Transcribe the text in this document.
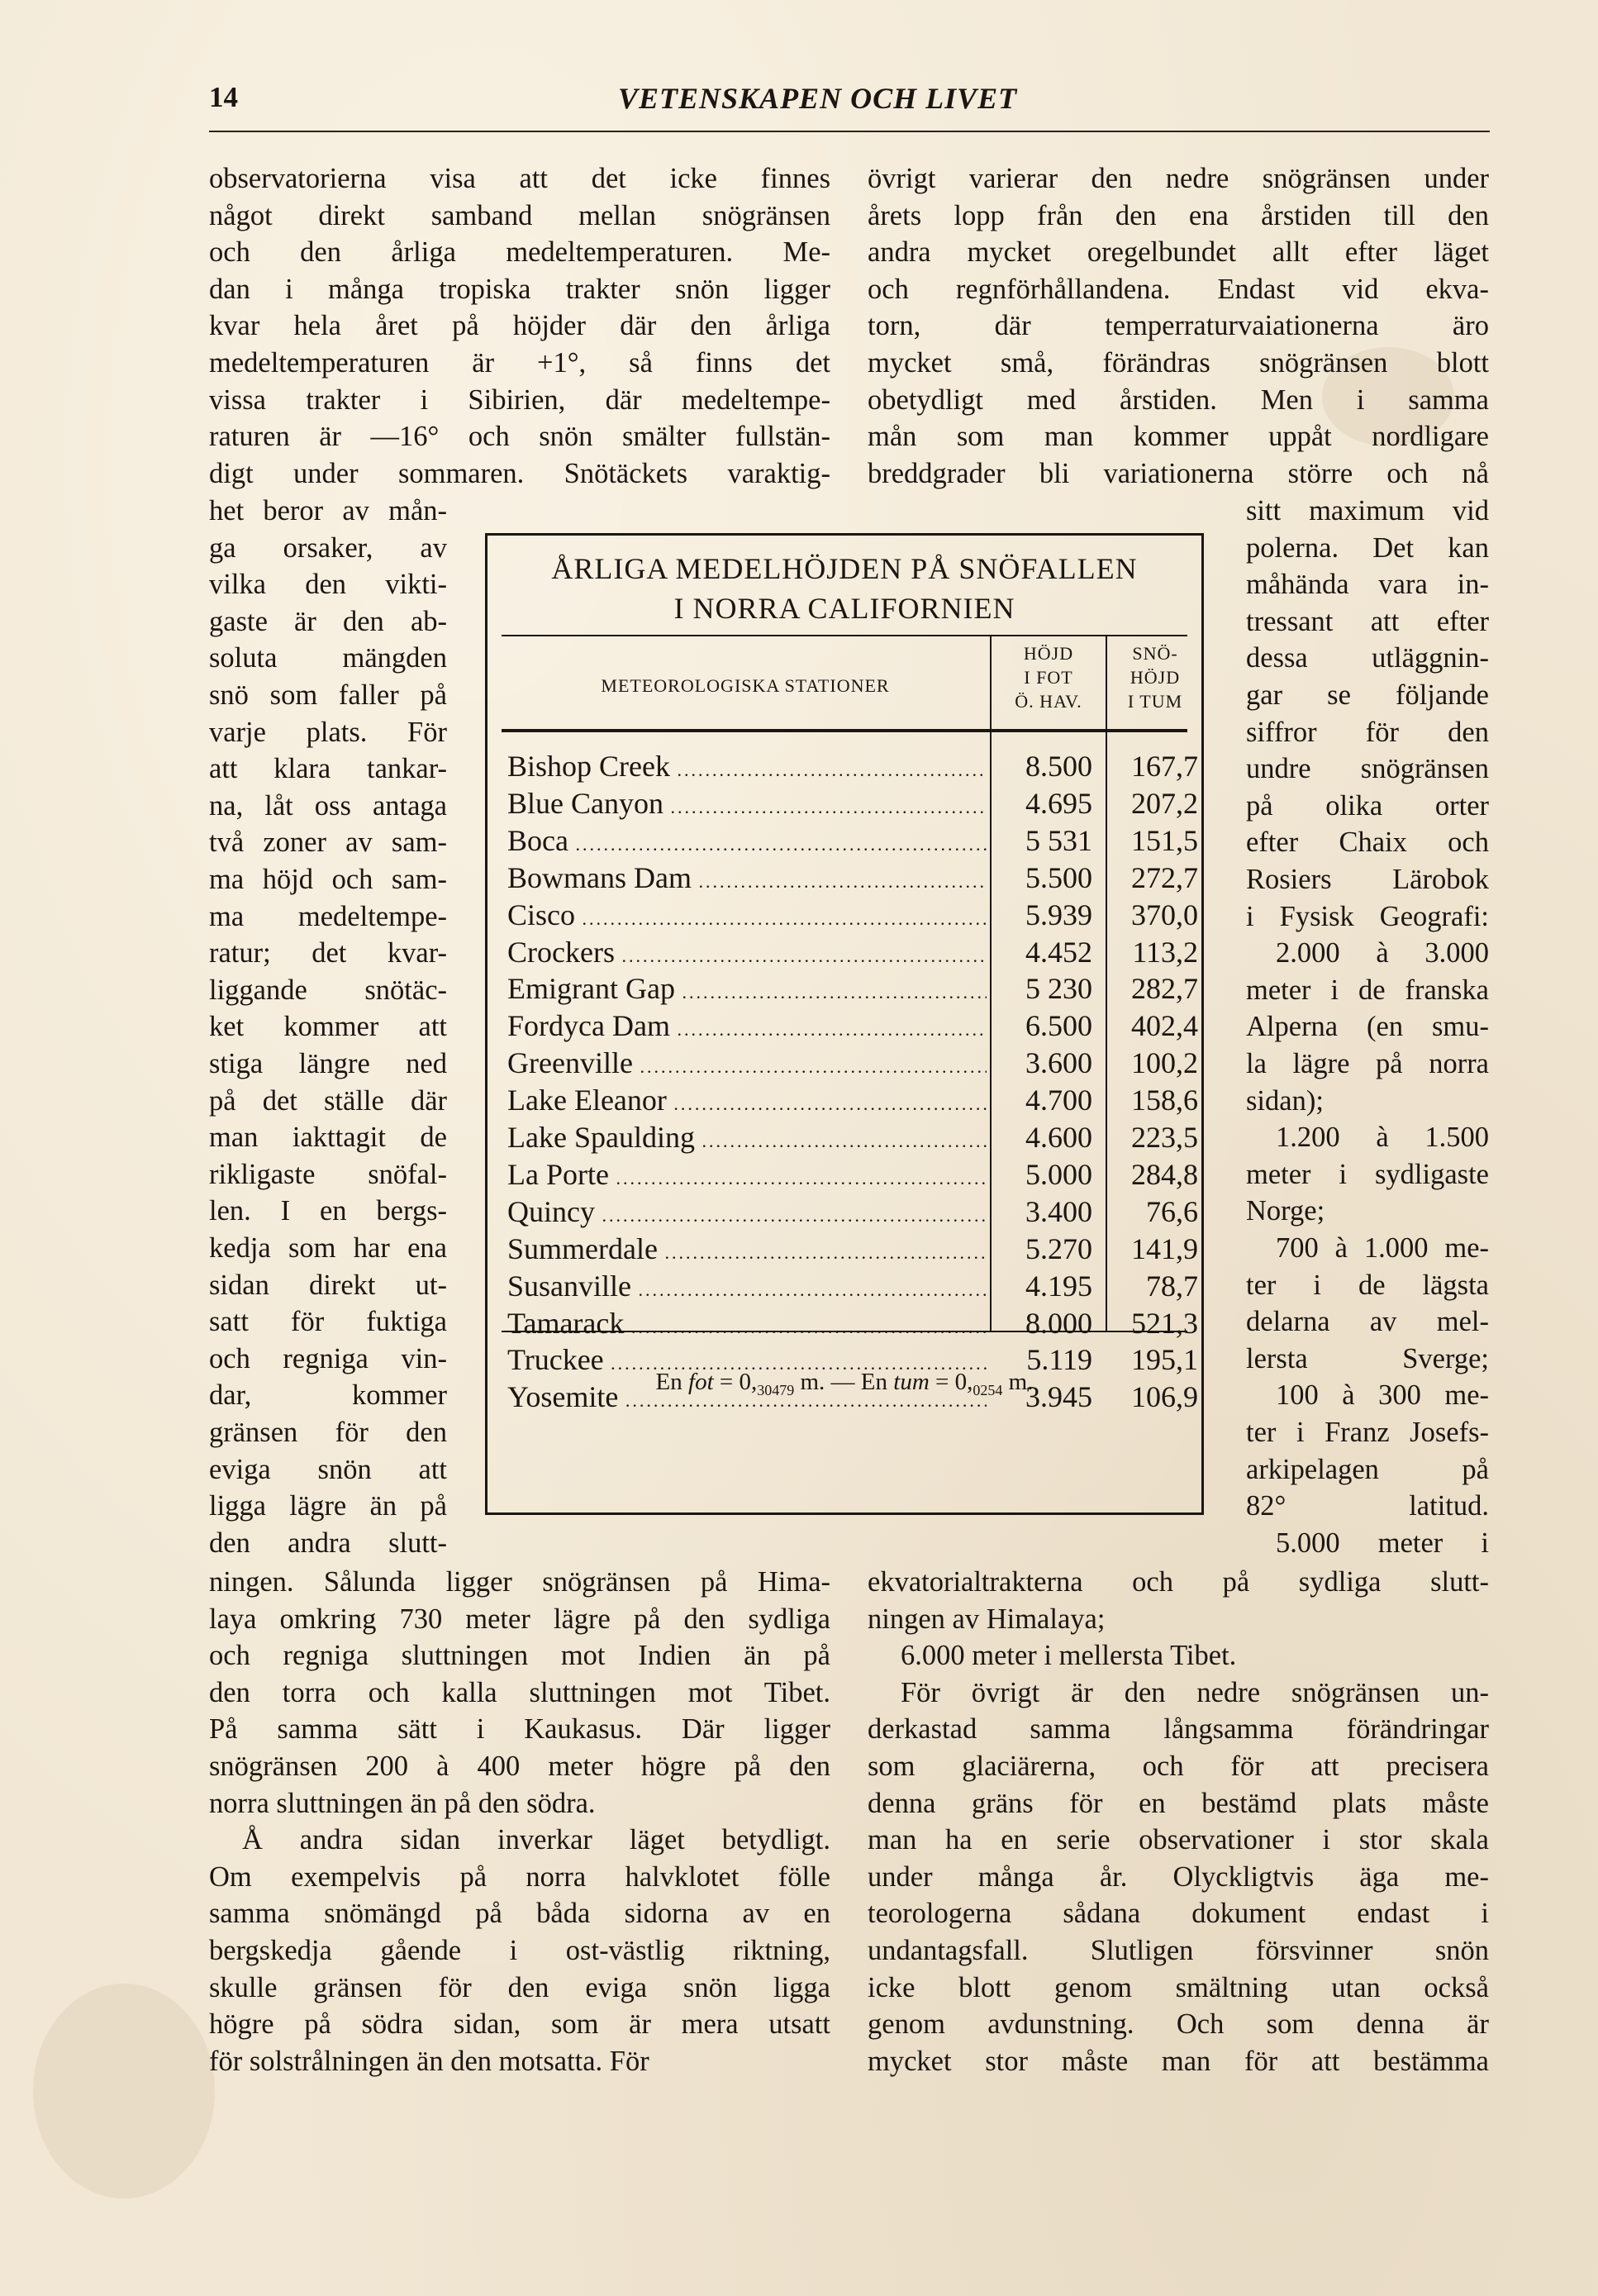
14	VETENSKAPEN OCH LIVET
observatorierna visa att det icke finnes
något direkt samband mellan snögränsen
och den årliga medeltemperaturen. Me-
dan i många tropiska trakter snön ligger
kvar hela året på höjder där den årliga
medeltemperaturen är +1°, så finns det
vissa trakter i Sibirien, där medeltempe-
raturen är —16° och snön smälter fullstän-
digt under sommaren. Snötäckets varaktig-
het beror av mån-
ga orsaker, av
vilka den vikti-
gaste är den ab-
soluta mängden
snö som faller på
varje plats. För
att klara tankar-
na, låt oss antaga
två zoner av sam-
ma höjd och sam-
ma medeltempe-
ratur; det kvar-
liggande snötäc-
ket kommer att
stiga längre ned
på det ställe där
man iakttagit de
rikligaste snöfal-
len. I en bergs-
kedja som har ena
sidan direkt ut-
satt för fuktiga
och regniga vin-
dar, kommer
gränsen för den
eviga snön att
ligga lägre än på
den andra slutt-
ningen. Sålunda ligger snögränsen på Hima-
laya omkring 730 meter lägre på den sydliga
och regniga sluttningen mot Indien än på
den torra och kalla sluttningen mot Tibet.
På samma sätt i Kaukasus. Där ligger
snögränsen 200 à 400 meter högre på den
norra sluttningen än på den södra.
Å andra sidan inverkar läget betydligt.
Om exempelvis på norra halvklotet fölle
samma snömängd på båda sidorna av en
bergskedja gående i ost-västlig riktning,
skulle gränsen för den eviga snön ligga
högre på södra sidan, som är mera utsatt
för solstrålningen än den motsatta. För
övrigt varierar den nedre snögränsen under
årets lopp från den ena årstiden till den
andra mycket oregelbundet allt efter läget
och regnförhållandena. Endast vid ekva-
torn, där temperraturvaiationerna äro
mycket små, förändras snögränsen blott
obetydligt med årstiden. Men i samma
mån som man kommer uppåt nordligare
breddgrader bli variationerna större och nå
sitt maximum vid
polerna. Det kan
måhända vara in-
tressant att efter
dessa utläggnin-
gar se följande
siffror för den
undre snögränsen
på olika orter
efter Chaix och
Rosiers Lärobok
i Fysisk Geografi:
2.000 à 3.000
meter i de franska
Alperna (en smu-
la lägre på norra
sidan);
1.200 à 1.500
meter i sydligaste
Norge;
700 à 1.000 me-
ter i de lägsta
delarna av mel-
lersta Sverge;
100 à 300 me-
ter i Franz Josefs-
arkipelagen på
82° latitud.
5.000 meter i
ekvatorialtrakterna och på sydliga slutt-
ningen av Himalaya;
6.000 meter i mellersta Tibet.
För övrigt är den nedre snögränsen un-
derkastad samma långsamma förändringar
som glaciärerna, och för att precisera
denna gräns för en bestämd plats måste
man ha en serie observationer i stor skala
under många år. Olyckligtvis äga me-
teorologerna sådana dokument endast i
undantagsfall. Slutligen försvinner snön
icke blott genom smältning utan också
genom avdunstning. Och som denna är
mycket stor måste man för att bestämma
ÅRLIGA MEDELHÖJDEN PÅ SNÖFALLEN
I NORRA CALIFORNIEN
METEOROLOGISKA STATIONER
HÖJD
I FOT
Ö. HAV.
SNÖ-
HÖJD
I TUM
Bishop Creek .....	8.500	167,7
Blue Canyon .....	4.695	207,2
Boca .....	5 531	151,5
Bowmans Dam .....	5.500	272,7
Cisco .....	5.939	370,0
Crockers .....	4.452	113,2
Emigrant Gap .....	5 230	282,7
Fordyca Dam .....	6.500	402,4
Greenville .....	3.600	100,2
Lake Eleanor .....	4.700	158,6
Lake Spaulding .....	4.600	223,5
La Porte .....	5.000	284,8
Quincy .....	3.400	76,6
Summerdale .....	5.270	141,9
Susanville .....	4.195	78,7
Tamarack .....	8.000	521,3
Truckee .....	5.119	195,1
Yosemite .....	3.945	106,9
En fot = $0,_{30479}$ m. — En tum = $0,_{0254}$ m.
